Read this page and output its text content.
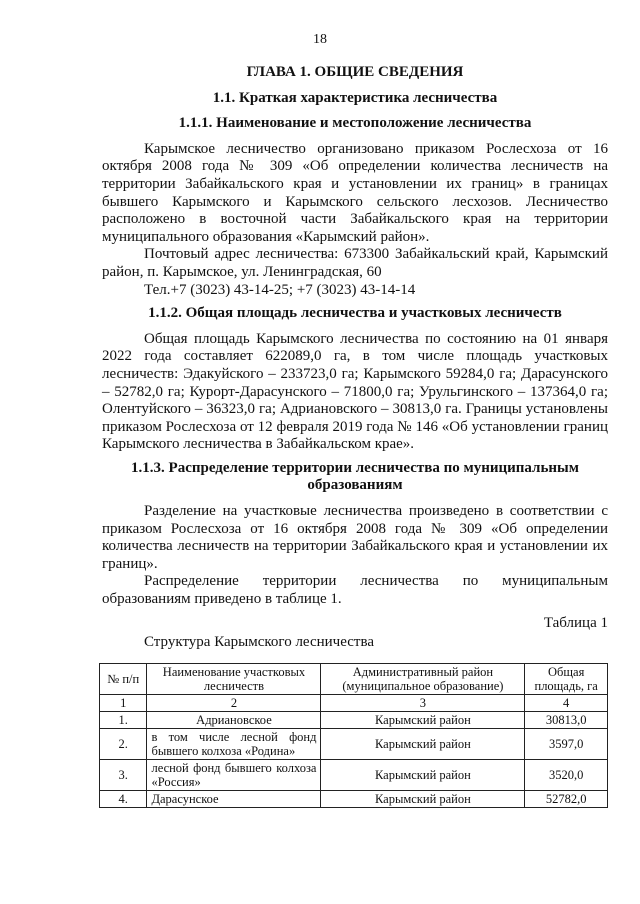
18
ГЛАВА 1. ОБЩИЕ СВЕДЕНИЯ
1.1. Краткая характеристика лесничества
1.1.1. Наименование и местоположение лесничества

Карымское лесничество организовано приказом Рослесхоза от 16 октября 2008 года № 309 «Об определении количества лесничеств на территории Забайкальского края и установлении их границ» в границах бывшего Карымского и Карымского сельского лесхозов. Лесничество расположено в восточной части Забайкальского края на территории муниципального образования «Карымский район».

Почтовый адрес лесничества: 673300 Забайкальский край, Карымский район, п. Карымское, ул. Ленинградская, 60

Тел.+7 (3023) 43-14-25; +7 (3023) 43-14-14

1.1.2. Общая площадь лесничества и участковых лесничеств

Общая площадь Карымского лесничества по состоянию на 01 января 2022 года составляет 622089,0 га, в том числе площадь участковых лесничеств: Эдакуйского – 233723,0 га; Карымского 59284,0 га; Дарасунского – 52782,0 га; Курорт-Дарасунского – 71800,0 га; Урульгинского – 137364,0 га; Олентуйского – 36323,0 га; Адриановского – 30813,0 га. Границы установлены приказом Рослесхоза от 12 февраля 2019 года № 146 «Об установлении границ Карымского лесничества в Забайкальском крае».

1.1.3. Распределение территории лесничества по муниципальным
образованиям

Разделение на участковые лесничества произведено в соответствии с приказом Рослесхоза от 16 октября 2008 года № 309 «Об определении количества лесничеств на территории Забайкальского края и установлении их границ».

Распределение территории лесничества по муниципальным образованиям приведено в таблице 1.

Таблица 1
Структура Карымского лесничества
№ п/п	Наименование участковых лесничеств	Административный район (муниципальное образование)	Общая площадь, га
1	2	3	4
1.	Адриановское	Карымский район	30813,0
2.	в том числе лесной фонд бывшего колхоза «Родина»	Карымский район	3597,0
3.	лесной фонд бывшего колхоза «Россия»	Карымский район	3520,0
4.	Дарасунское	Карымский район	52782,0
